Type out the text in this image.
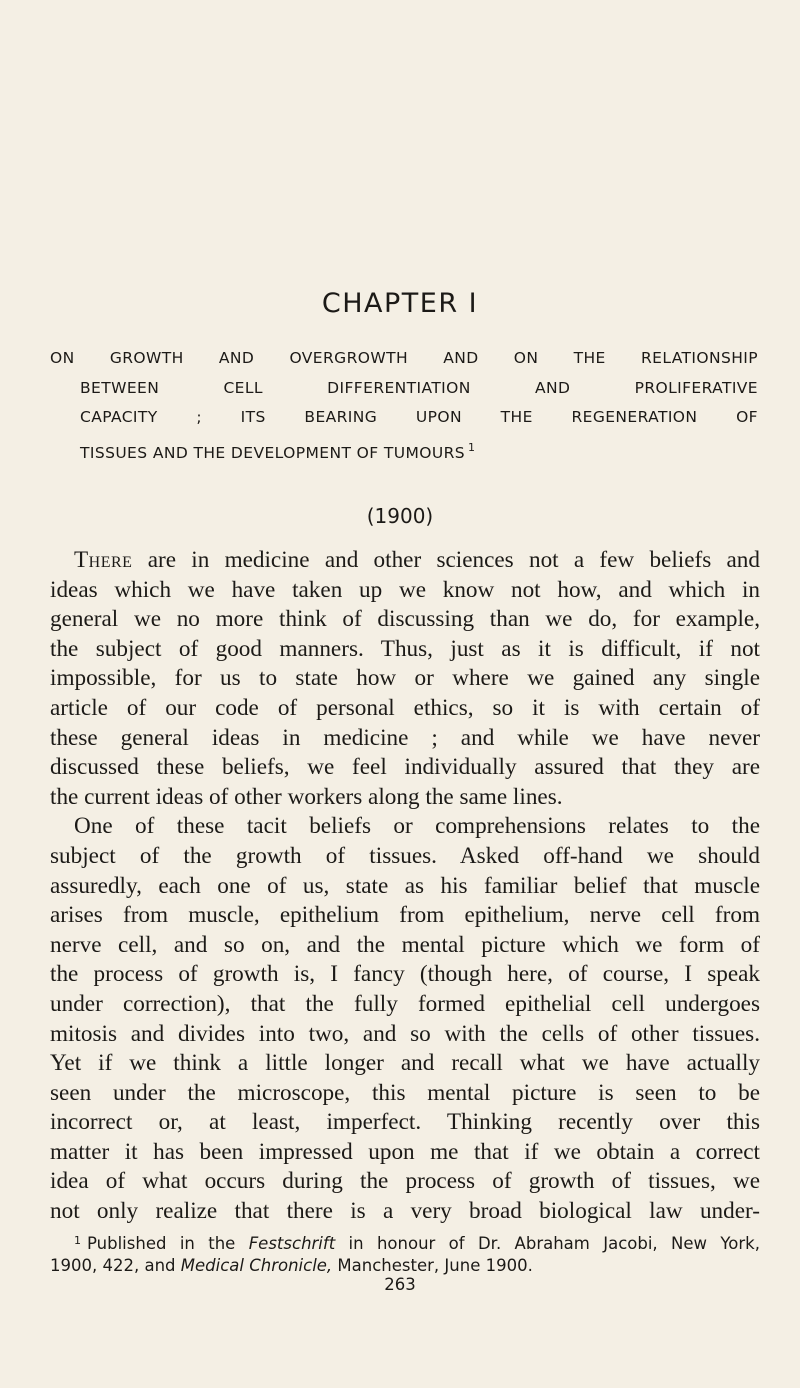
CHAPTER I
ON GROWTH AND OVERGROWTH AND ON THE RELATIONSHIP
BETWEEN CELL DIFFERENTIATION AND PROLIFERATIVE
CAPACITY ; ITS BEARING UPON THE REGENERATION OF
TISSUES AND THE DEVELOPMENT OF TUMOURS $^1$
(1900)
There are in medicine and other sciences not a few beliefs and
ideas which we have taken up we know not how, and which in
general we no more think of discussing than we do, for example,
the subject of good manners. Thus, just as it is difficult, if not
impossible, for us to state how or where we gained any single
article of our code of personal ethics, so it is with certain of
these general ideas in medicine ; and while we have never
discussed these beliefs, we feel individually assured that they are
the current ideas of other workers along the same lines.
One of these tacit beliefs or comprehensions relates to the
subject of the growth of tissues. Asked off-hand we should
assuredly, each one of us, state as his familiar belief that muscle
arises from muscle, epithelium from epithelium, nerve cell from
nerve cell, and so on, and the mental picture which we form of
the process of growth is, I fancy (though here, of course, I speak
under correction), that the fully formed epithelial cell undergoes
mitosis and divides into two, and so with the cells of other tissues.
Yet if we think a little longer and recall what we have actually
seen under the microscope, this mental picture is seen to be
incorrect or, at least, imperfect. Thinking recently over this
matter it has been impressed upon me that if we obtain a correct
idea of what occurs during the process of growth of tissues, we
not only realize that there is a very broad biological law under-
$^1$ Published in the Festschrift in honour of Dr. Abraham Jacobi, New York,
1900, 422, and Medical Chronicle, Manchester, June 1900.
263
